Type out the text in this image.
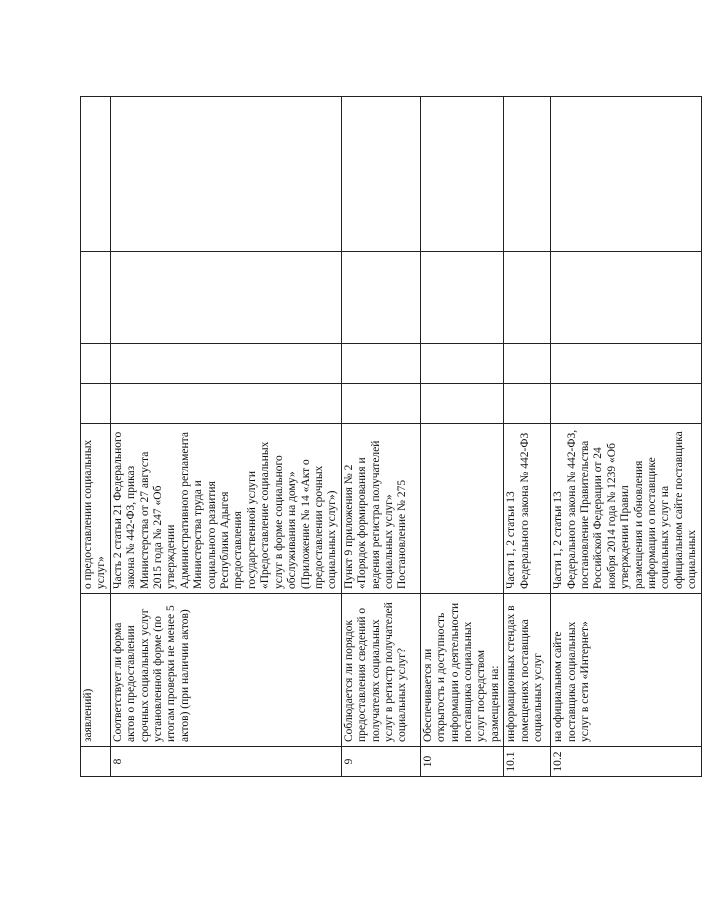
	заявлений)	о предоставлении социальных услуг»				
8	Соответствует ли форма актов о предоставлении срочных социальных услуг установленной форме (по итогам проверки не менее 5 актов) (при наличии актов)	Часть 2 статьи 21 Федерального закона № 442-ФЗ, приказ Министерства от 27 августа 2015 года № 247 «Об утверждении Административного регламента Министерства труда и социального развития Республики Адыгея предоставления государственной услуги «Предоставление социальных услуг в форме социального обслуживания на дому» (Приложение № 14 «Акт о предоставлении срочных социальных услуг»)				
9	Соблюдается ли порядок предоставления сведений о получателях социальных услуг в регистр получателей социальных услуг?	Пункт 9 приложения № 2 «Порядок формирования и ведения регистра получателей социальных услуг» Постановление № 275				
10	Обеспечивается ли открытость и доступность информации о деятельности поставщика социальных услуг посредством размещения на:					
10.1	информационных стендах в помещениях поставщика социальных услуг	Части 1, 2 статьи 13 Федерального закона № 442-ФЗ				
10.2	на официальном сайте поставщика социальных услуг в сети «Интернет»	Части 1, 2 статьи 13 Федерального закона № 442-ФЗ, постановление Правительства Российской Федерации от 24 ноября 2014 года № 1239 «Об утверждении Правил размещения и обновления информации о поставщике социальных услуг на официальном сайте поставщика социальных				
